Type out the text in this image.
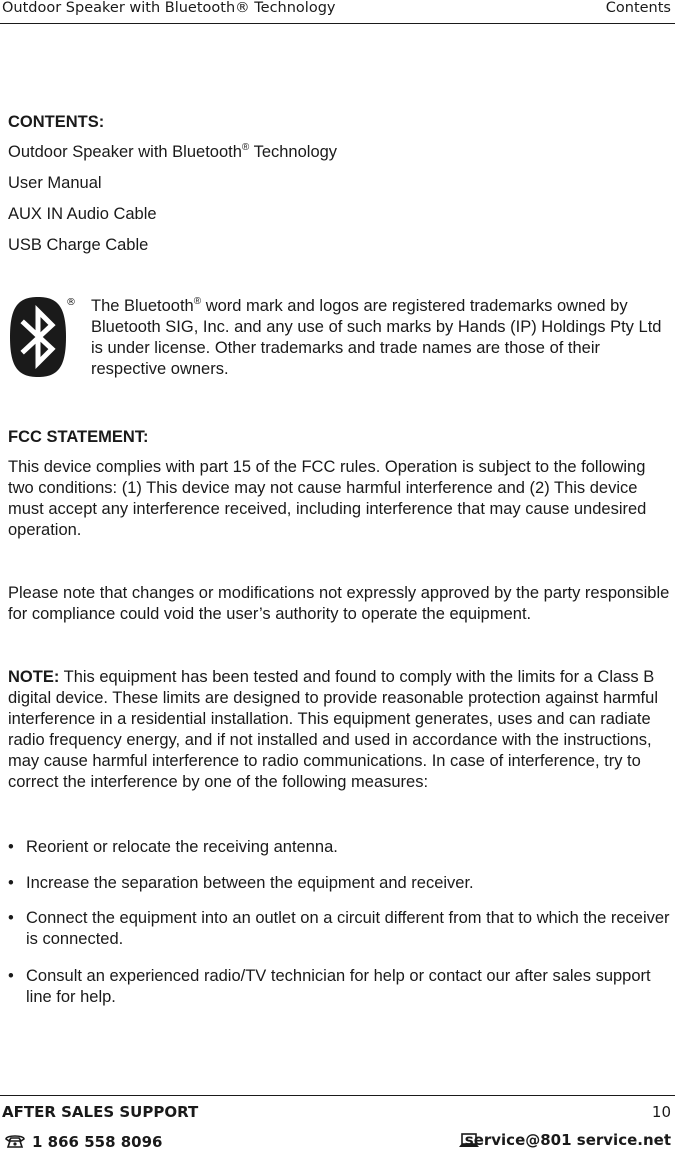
Outdoor Speaker with Bluetooth® Technology	Contents
CONTENTS:
Outdoor Speaker with Bluetooth® Technology
User Manual
AUX IN Audio Cable
USB Charge Cable
® The Bluetooth® word mark and logos are registered trademarks owned by Bluetooth SIG, Inc. and any use of such marks by Hands (IP) Holdings Pty Ltd is under license. Other trademarks and trade names are those of their respective owners.
FCC STATEMENT:
This device complies with part 15 of the FCC rules. Operation is subject to the following two conditions: (1) This device may not cause harmful interference and (2) This device must accept any interference received, including interference that may cause undesired operation.
Please note that changes or modifications not expressly approved by the party responsible for compliance could void the user’s authority to operate the equipment.
NOTE: This equipment has been tested and found to comply with the limits for a Class B digital device. These limits are designed to provide reasonable protection against harmful interference in a residential installation. This equipment generates, uses and can radiate radio frequency energy, and if not installed and used in accordance with the instructions, may cause harmful interference to radio communications. In case of interference, try to correct the interference by one of the following measures:
• Reorient or relocate the receiving antenna.
• Increase the separation between the equipment and receiver.
• Connect the equipment into an outlet on a circuit different from that to which the receiver is connected.
• Consult an experienced radio/TV technician for help or contact our after sales support line for help.
AFTER SALES SUPPORT	10
1 866 558 8096	service@801 service.net
